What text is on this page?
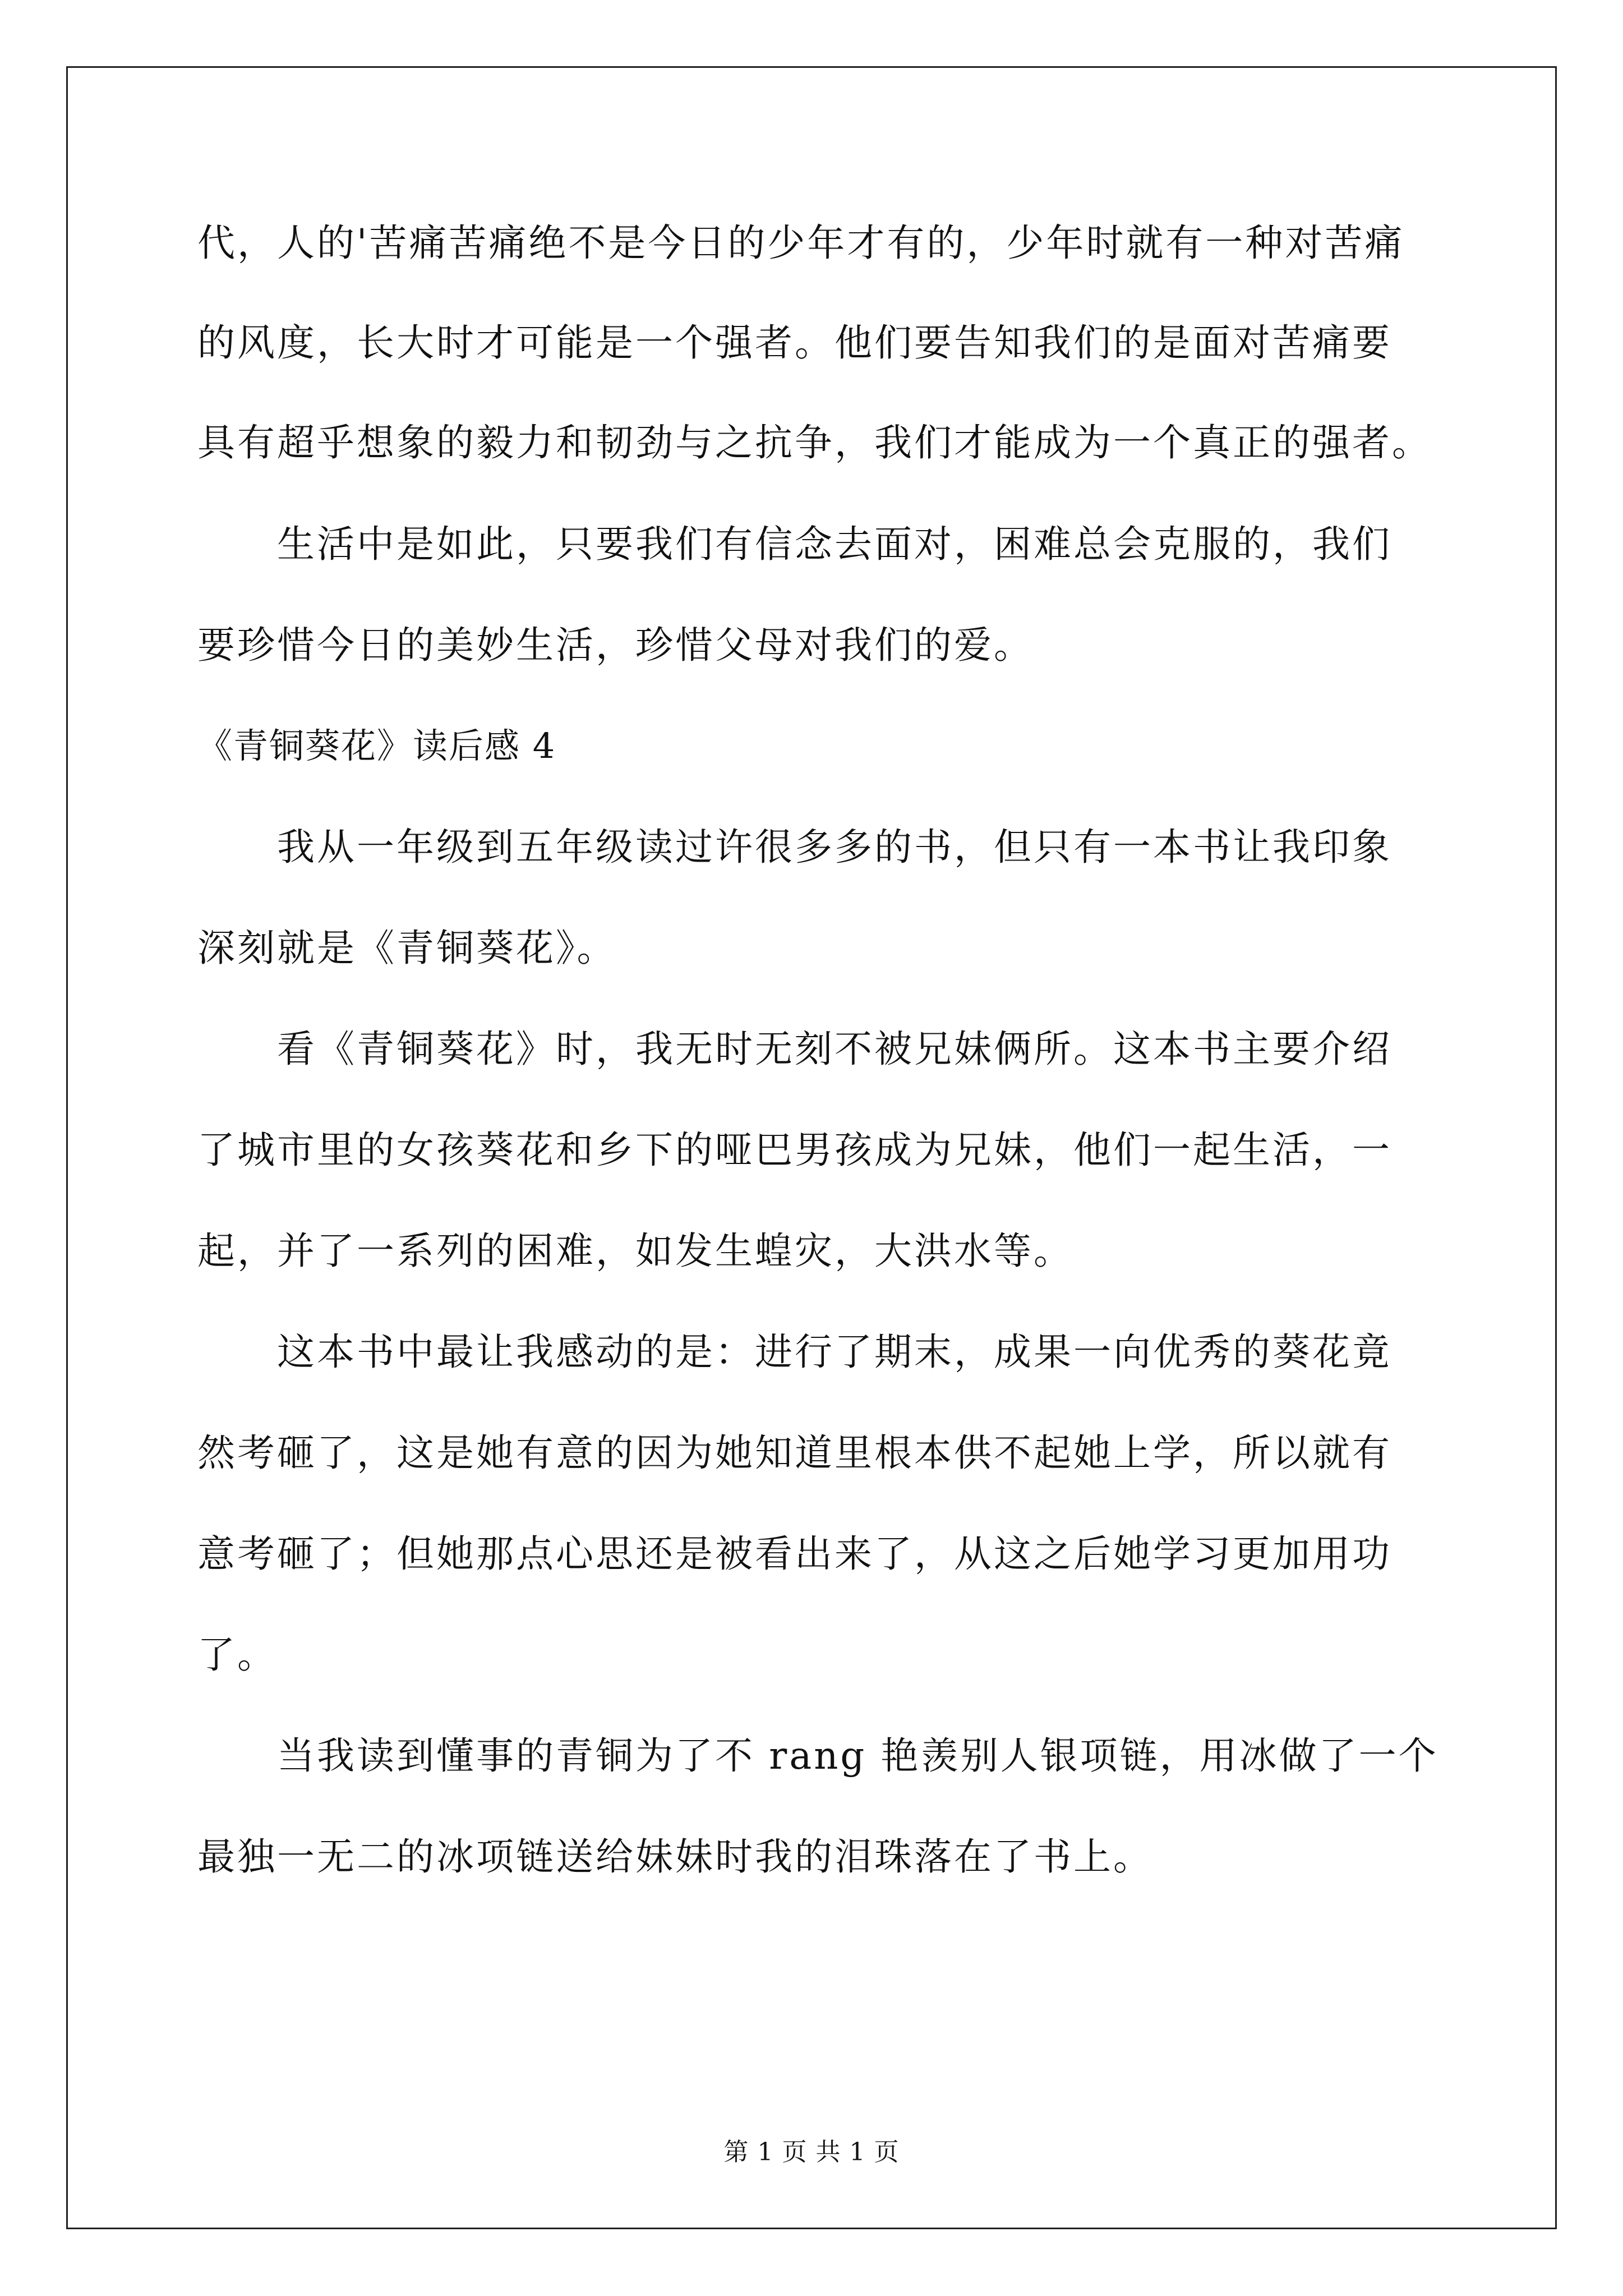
代，人的'苦痛苦痛绝不是今日的少年才有的，少年时就有一种对苦痛
的风度，长大时才可能是一个强者。他们要告知我们的是面对苦痛要
具有超乎想象的毅力和韧劲与之抗争，我们才能成为一个真正的强者。
生活中是如此，只要我们有信念去面对，困难总会克服的，我们
要珍惜今日的美妙生活，珍惜父母对我们的爱。
《青铜葵花》读后感 4
我从一年级到五年级读过许很多多的书，但只有一本书让我印象
深刻就是《青铜葵花》。
看《青铜葵花》时，我无时无刻不被兄妹俩所。这本书主要介绍
了城市里的女孩葵花和乡下的哑巴男孩成为兄妹，他们一起生活，一
起，并了一系列的困难，如发生蝗灾，大洪水等。
这本书中最让我感动的是：进行了期末，成果一向优秀的葵花竟
然考砸了，这是她有意的因为她知道里根本供不起她上学，所以就有
意考砸了；但她那点心思还是被看出来了，从这之后她学习更加用功
了。
当我读到懂事的青铜为了不 rang 艳羡别人银项链，用冰做了一个
最独一无二的冰项链送给妹妹时我的泪珠落在了书上。
第 1 页 共 1 页
